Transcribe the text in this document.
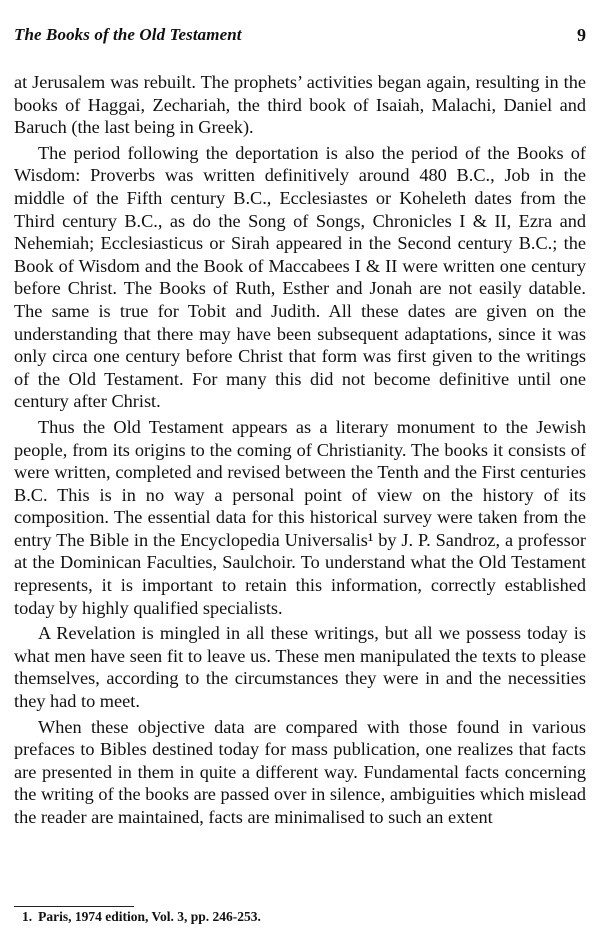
The Books of the Old Testament	9

at Jerusalem was rebuilt. The prophets’ activities began again, resulting in the books of Haggai, Zechariah, the third book of Isaiah, Malachi, Daniel and Baruch (the last being in Greek).

The period following the deportation is also the period of the Books of Wisdom: Proverbs was written definitively around 480 B.C., Job in the middle of the Fifth century B.C., Ecclesiastes or Koheleth dates from the Third century B.C., as do the Song of Songs, Chronicles I & II, Ezra and Nehemiah; Ecclesiasticus or Sirah appeared in the Second century B.C.; the Book of Wisdom and the Book of Maccabees I & II were written one century before Christ. The Books of Ruth, Esther and Jonah are not easily datable. The same is true for Tobit and Judith. All these dates are given on the understanding that there may have been subsequent adaptations, since it was only circa one century before Christ that form was first given to the writings of the Old Testament. For many this did not become definitive until one century after Christ.

Thus the Old Testament appears as a literary monument to the Jewish people, from its origins to the coming of Christianity. The books it consists of were written, completed and revised between the Tenth and the First centuries B.C. This is in no way a personal point of view on the history of its composition. The essential data for this historical survey were taken from the entry The Bible in the Encyclopedia Universalis¹ by J. P. Sandroz, a professor at the Dominican Faculties, Saulchoir. To understand what the Old Testament represents, it is important to retain this information, correctly established today by highly qualified specialists.

A Revelation is mingled in all these writings, but all we possess today is what men have seen fit to leave us. These men manipulated the texts to please themselves, according to the circumstances they were in and the necessities they had to meet.

When these objective data are compared with those found in various prefaces to Bibles destined today for mass publication, one realizes that facts are presented in them in quite a different way. Fundamental facts concerning the writing of the books are passed over in silence, ambiguities which mislead the reader are maintained, facts are minimalised to such an extent

1. Paris, 1974 edition, Vol. 3, pp. 246-253.
